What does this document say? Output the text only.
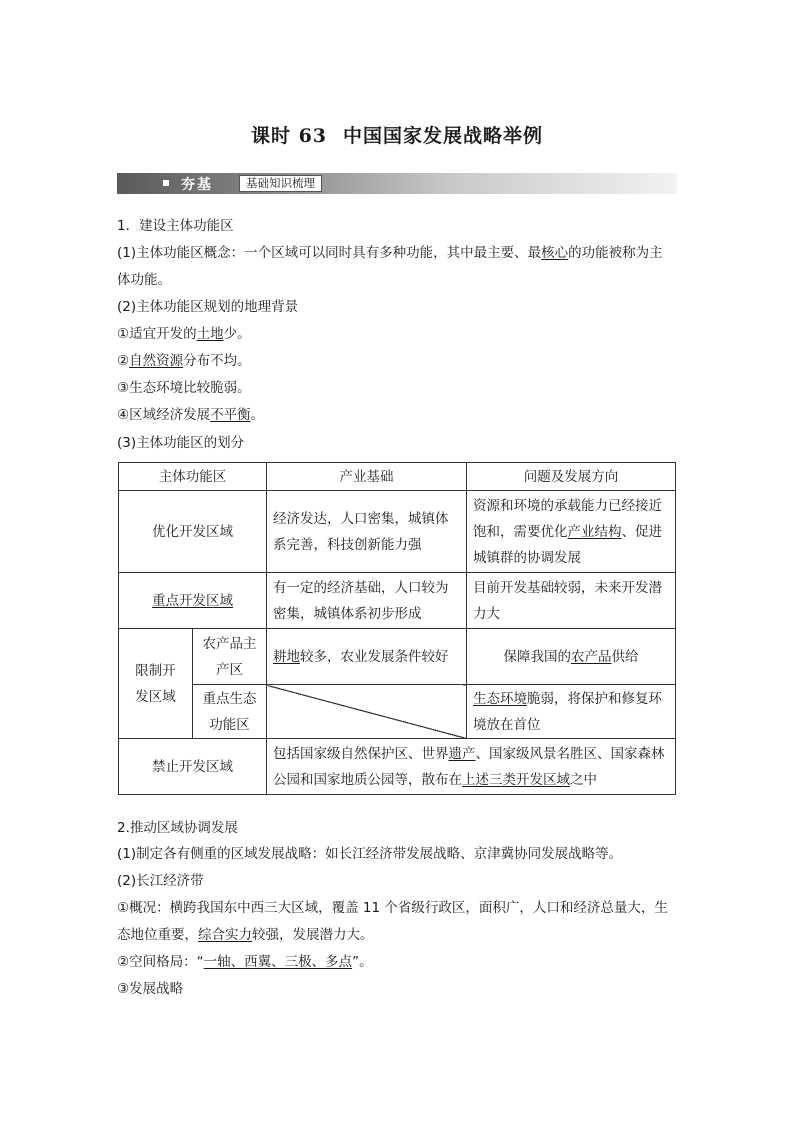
课时 63 中国国家发展战略举例
夯基	基础知识梳理
1．建设主体功能区
(1)主体功能区概念：一个区域可以同时具有多种功能，其中最主要、最核心的功能被称为主
体功能。
(2)主体功能区规划的地理背景
①适宜开发的土地少。
②自然资源分布不均。
③生态环境比较脆弱。
④区域经济发展不平衡。
(3)主体功能区的划分
主体功能区		产业基础	问题及发展方向
优化开发区域		经济发达，人口密集，城镇体系完善，科技创新能力强	资源和环境的承载能力已经接近饱和，需要优化产业结构、促进城镇群的协调发展
重点开发区域		有一定的经济基础，人口较为密集，城镇体系初步形成	目前开发基础较弱，未来开发潜力大
限制开发区域	农产品主产区	耕地较多，农业发展条件较好	保障我国的农产品供给
	重点生态功能区		生态环境脆弱，将保护和修复环境放在首位
禁止开发区域		包括国家级自然保护区、世界遗产、国家级风景名胜区、国家森林公园和国家地质公园等，散布在上述三类开发区域之中	
2.推动区域协调发展
(1)制定各有侧重的区域发展战略：如长江经济带发展战略、京津冀协同发展战略等。
(2)长江经济带
①概况：横跨我国东中西三大区域，覆盖 11 个省级行政区，面积广，人口和经济总量大，生
态地位重要，综合实力较强，发展潜力大。
②空间格局：“一轴、西翼、三极、多点”。
③发展战略
